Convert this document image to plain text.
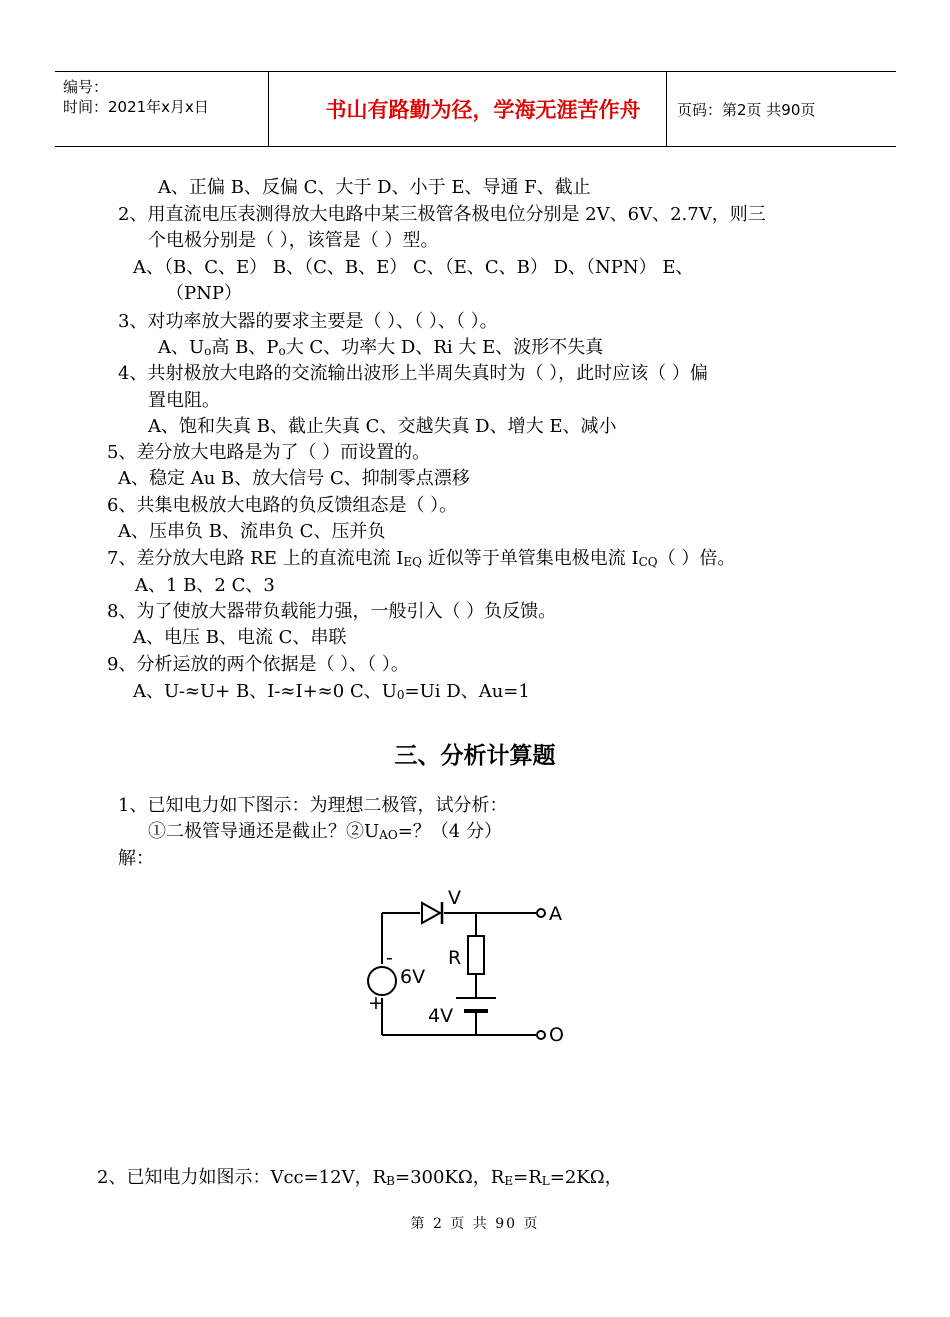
编号：
时间：2021年x月x日	书山有路勤为径，学海无涯苦作舟	页码：第2页 共90页
A、正偏 B、反偏 C、大于 D、小于 E、导通 F、截止
2、用直流电压表测得放大电路中某三极管各极电位分别是 2V、6V、2.7V，则三
个电极分别是（ ），该管是（ ）型。
A、（B、C、E） B、（C、B、E） C、（E、C、B） D、（NPN） E、
（PNP）
3、对功率放大器的要求主要是（ ）、（ ）、（ ）。
A、$U_o$高 B、$P_o$大 C、功率大 D、Ri 大 E、波形不失真
4、共射极放大电路的交流输出波形上半周失真时为（ ），此时应该（ ）偏
置电阻。
A、饱和失真 B、截止失真 C、交越失真 D、增大 E、减小
5、差分放大电路是为了（ ）而设置的。
A、稳定 Au B、放大信号 C、抑制零点漂移
6、共集电极放大电路的负反馈组态是（ ）。
A、压串负 B、流串负 C、压并负
7、差分放大电路 RE 上的直流电流 $I_{EQ}$ 近似等于单管集电极电流 $I_{CQ}$（ ）倍。
A、1 B、2 C、3
8、为了使放大器带负载能力强，一般引入（ ）负反馈。
A、电压 B、电流 C、串联
9、分析运放的两个依据是（ ）、（ ）。
A、U-≈U+ B、I-≈I+≈0 C、$U_0=Ui$ D、Au=1
三、分析计算题
1、已知电力如下图示：为理想二极管，试分析：
①二极管导通还是截止？$②U_{AO}=$？（4 分）
解：
V
R
6V
4V
A
O
-
+
2、已知电力如图示：Vcc=12V，$R_B=300K\Omega$，$R_E=R_L=2K\Omega$，
第 2 页 共 90 页
